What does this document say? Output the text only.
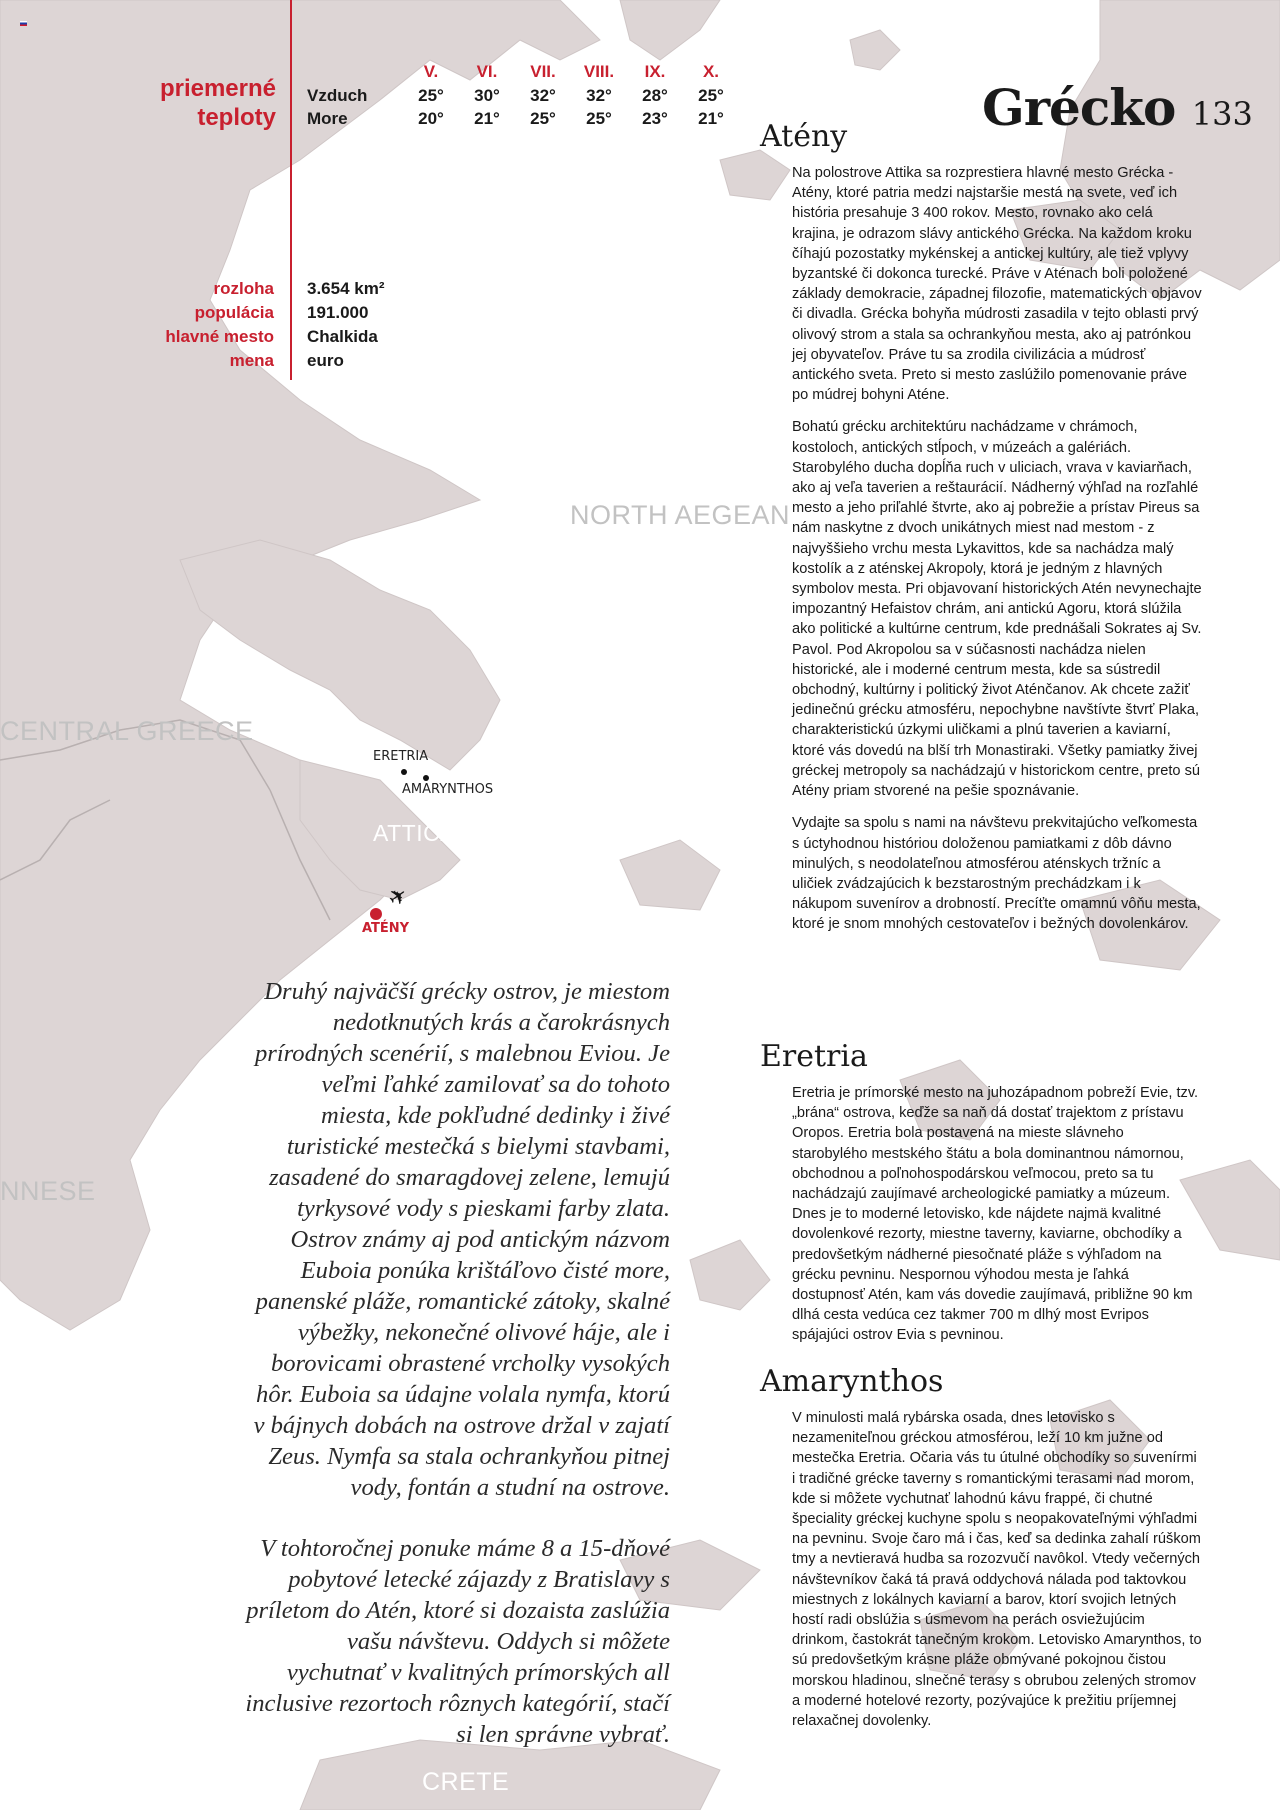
NORTH AEGEAN
CENTRAL GREECE
NNESE
ATTICA
CRETE
ERETRIA
AMARYNTHOS
✈
ATÉNY
priemerné
teploty
	V.	VI.	VII.	VIII.	IX.	X.
Vzduch	25°	30°	32°	32°	28°	25°
More	20°	21°	25°	25°	23°	21°
rozloha 3.654 km²
populácia 191.000
hlavné mesto Chalkida
mena euro
Grécko 133
Atény

Na polostrove Attika sa rozprestiera hlavné mesto Grécka - Atény, ktoré patria medzi najstaršie mestá na svete, veď ich história presahuje 3 400 rokov. Mesto, rovnako ako celá krajina, je odrazom slávy antického Grécka. Na každom kroku číhajú pozostatky mykénskej a antickej kultúry, ale tiež vplyvy byzantské či dokonca turecké. Práve v Aténach boli položené základy demokracie, západnej filozofie, matematických objavov či divadla. Grécka bohyňa múdrosti zasadila v tejto oblasti prvý olivový strom a stala sa ochrankyňou mesta, ako aj patrónkou jej obyvateľov. Práve tu sa zrodila civilizácia a múdrosť antického sveta. Preto si mesto zaslúžilo pomenovanie práve po múdrej bohyni Aténe.

Bohatú grécku architektúru nachádzame v chrámoch, kostoloch, antických stĺpoch, v múzeách a galériách. Starobylého ducha dopĺňa ruch v uliciach, vrava v kaviarňach, ako aj veľa taverien a reštaurácií. Nádherný výhľad na rozľahlé mesto a jeho priľahlé štvrte, ako aj pobrežie a prístav Pireus sa nám naskytne z dvoch unikátnych miest nad mestom - z najvyššieho vrchu mesta Lykavittos, kde sa nachádza malý kostolík a z aténskej Akropoly, ktorá je jedným z hlavných symbolov mesta. Pri objavovaní historických Atén nevynechajte impozantný Hefaistov chrám, ani antickú Agoru, ktorá slúžila ako politické a kultúrne centrum, kde prednášali Sokrates aj Sv. Pavol. Pod Akropolou sa v súčasnosti nachádza nielen historické, ale i moderné centrum mesta, kde sa sústredil obchodný, kultúrny i politický život Aténčanov. Ak chcete zažiť jedinečnú grécku atmosféru, nepochybne navštívte štvrť Plaka, charakteristickú úzkymi uličkami a plnú taverien a kaviarní, ktoré vás dovedú na blší trh Monastiraki. Všetky pamiatky živej gréckej metropoly sa nachádzajú v historickom centre, preto sú Atény priam stvorené na pešie spoznávanie.

Vydajte sa spolu s nami na návštevu prekvitajúcho veľkomesta s úctyhodnou históriou doloženou pamiatkami z dôb dávno minulých, s neodolateľnou atmosférou aténskych tržníc a uličiek zvádzajúcich k bezstarostným prechádzkam i k nákupom suvenírov a drobností. Precíťte omamnú vôňu mesta, ktoré je snom mnohých cestovateľov i bežných dovolenkárov.

Eretria

Eretria je prímorské mesto na juhozápadnom pobreží Evie, tzv. „brána“ ostrova, keďže sa naň dá dostať trajektom z prístavu Oropos. Eretria bola postavená na mieste slávneho starobylého mestského štátu a bola dominantnou námornou, obchodnou a poľnohospodárskou veľmocou, preto sa tu nachádzajú zaujímavé archeologické pamiatky a múzeum. Dnes je to moderné letovisko, kde nájdete najmä kvalitné dovolenkové rezorty, miestne taverny, kaviarne, obchodíky a predovšetkým nádherné piesočnaté pláže s výhľadom na grécku pevninu. Nespornou výhodou mesta je ľahká dostupnosť Atén, kam vás dovedie zaujímavá, približne 90 km dlhá cesta vedúca cez takmer 700 m dlhý most Evripos spájajúci ostrov Evia s pevninou.

Amarynthos

V minulosti malá rybárska osada, dnes letovisko s nezameniteľnou gréckou atmosférou, leží 10 km južne od mestečka Eretria. Očaria vás tu útulné obchodíky so suvenírmi i tradičné grécke taverny s romantickými terasami nad morom, kde si môžete vychutnať lahodnú kávu frappé, či chutné špeciality gréckej kuchyne spolu s neopakovateľnými výhľadmi na pevninu. Svoje čaro má i čas, keď sa dedinka zahalí rúškom tmy a nevtieravá hudba sa rozozvučí navôkol. Vtedy večerných návštevníkov čaká tá pravá oddychová nálada pod taktovkou miestnych z lokálnych kaviarní a barov, ktorí svojich letných hostí radi obslúžia s úsmevom na perách osviežujúcim drinkom, častokrát tanečným krokom. Letovisko Amarynthos, to sú predovšetkým krásne pláže obmývané pokojnou čistou morskou hladinou, slnečné terasy s obrubou zelených stromov a moderné hotelové rezorty, pozývajúce k prežitiu príjemnej relaxačnej dovolenky.

Druhý najväčší grécky ostrov, je miestom nedotknutých krás a čarokrásnych prírodných scenérií, s malebnou Eviou. Je veľmi ľahké zamilovať sa do tohoto miesta, kde pokľudné dedinky i živé turistické mestečká s bielymi stavbami, zasadené do smaragdovej zelene, lemujú tyrkysové vody s pieskami farby zlata. Ostrov známy aj pod antickým názvom Euboia ponúka krištáľovo čisté more, panenské pláže, romantické zátoky, skalné výbežky, nekonečné olivové háje, ale i borovicami obrastené vrcholky vysokých hôr. Euboia sa údajne volala nymfa, ktorú v bájnych dobách na ostrove držal v zajatí Zeus. Nymfa sa stala ochrankyňou pitnej vody, fontán a studní na ostrove.

V tohtoročnej ponuke máme 8 a 15-dňové pobytové letecké zájazdy z Bratislavy s príletom do Atén, ktoré si dozaista zaslúžia vašu návštevu. Oddych si môžete vychutnať v kvalitných prímorských all inclusive rezortoch rôznych kategórií, stačí si len správne vybrať.
